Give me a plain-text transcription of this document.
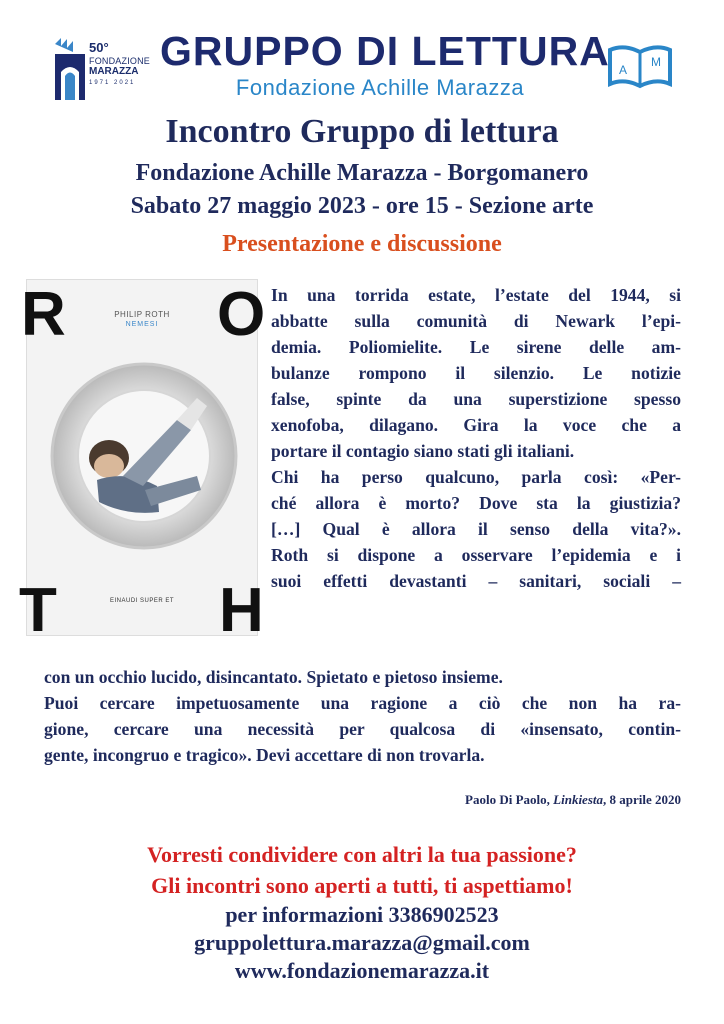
50°
FONDAZIONE
MARAZZA
1971 2021
GRUPPO DI LETTURA
Fondazione Achille Marazza
A
M
Incontro Gruppo di lettura
Fondazione Achille Marazza - Borgomanero
Sabato 27 maggio 2023 - ore 15 - Sezione arte
Presentazione e discussione
R O
T	H
PHILIP ROTH
NEMESI
EINAUDI SUPER ET
In una torrida estate, l’estate del 1944, si
abbatte sulla comunità di Newark l’epi-
demia. Poliomielite. Le sirene delle am-
bulanze rompono il silenzio. Le notizie
false, spinte da una superstizione spesso
xenofoba, dilagano. Gira la voce che a
portare il contagio siano stati gli italiani.
Chi ha perso qualcuno, parla così: «Per-
ché allora è morto? Dove sta la giustizia?
[…] Qual è allora il senso della vita?».
Roth si dispone a osservare l’epidemia e i
suoi effetti devastanti – sanitari, sociali –
con un occhio lucido, disincantato. Spietato e pietoso insieme.
Puoi cercare impetuosamente una ragione a ciò che non ha ra-
gione, cercare una necessità per qualcosa di «insensato, contin-
gente, incongruo e tragico». Devi accettare di non trovarla.
Paolo Di Paolo, Linkiesta, 8 aprile 2020
Vorresti condividere con altri la tua passione?
Gli incontri sono aperti a tutti, ti aspettiamo!
per informazioni 3386902523
gruppolettura.marazza@gmail.com
www.fondazionemarazza.it
